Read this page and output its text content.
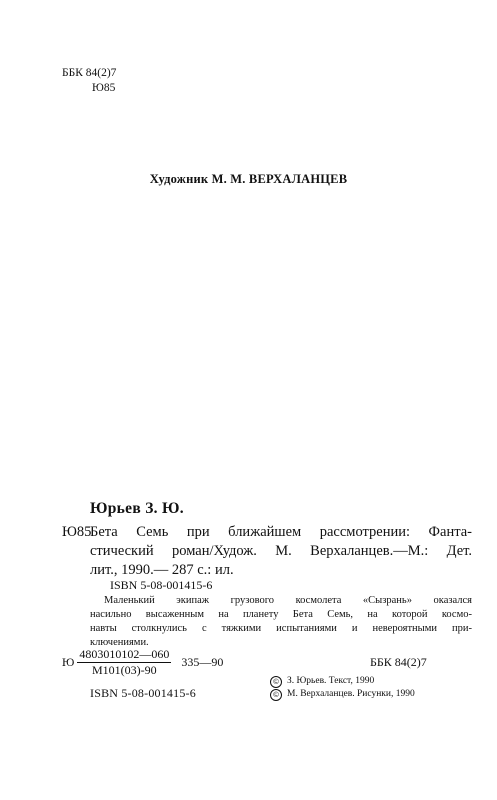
ББК 84(2)7
Ю85
Художник М. М. ВЕРХАЛАНЦЕВ
Юрьев З. Ю.
Ю85
Бета Семь при ближайшем рассмотрении: Фанта-
стический роман/Худож. М. Верхаланцев.—М.: Дет.
лит., 1990.— 287 с.: ил.
ISBN 5-08-001415-6
Маленький экипаж грузового космолета «Сызрань» оказался
насильно высаженным на планету Бета Семь, на которой космо-
навты столкнулись с тяжкими испытаниями и невероятными при-
ключениями.
Ю $\frac{4803010102—060}{М101(03)-90}$ 335—90	ББК 84(2)7
ISBN 5-08-001415-6
© З. Юрьев. Текст, 1990
© М. Верхаланцев. Рисунки, 1990
